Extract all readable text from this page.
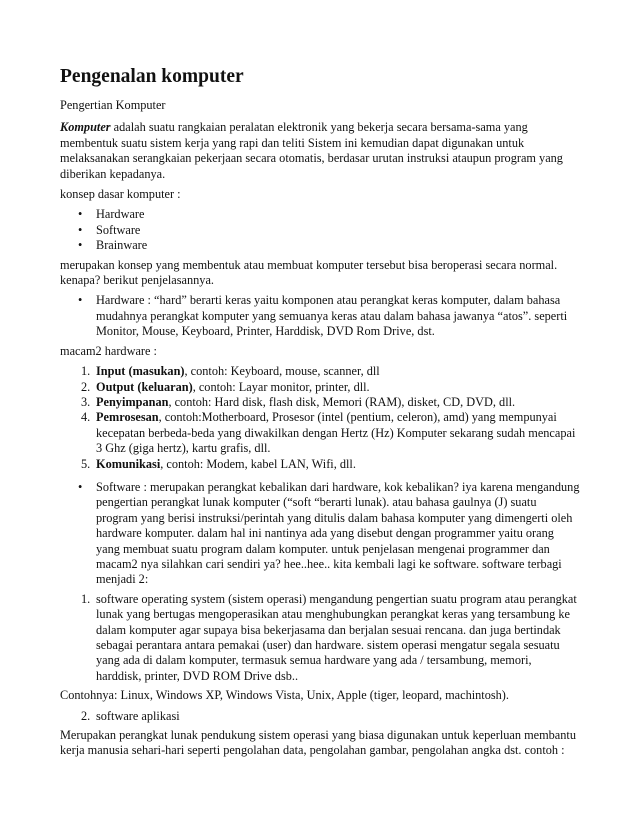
Pengenalan komputer

Pengertian Komputer

Komputer adalah suatu rangkaian peralatan elektronik yang bekerja secara bersama-sama yang membentuk suatu sistem kerja yang rapi dan teliti Sistem ini kemudian dapat digunakan untuk melaksanakan serangkaian pekerjaan secara otomatis, berdasar urutan instruksi ataupun program yang diberikan kepadanya.

konsep dasar komputer :

•	Hardware
•	Software
•	Brainware

merupakan konsep yang membentuk atau membuat komputer tersebut bisa beroperasi secara normal. kenapa? berikut penjelasannya.

•	Hardware : “hard” berarti keras yaitu komponen atau perangkat keras komputer, dalam bahasa mudahnya perangkat komputer yang semuanya keras atau dalam bahasa jawanya “atos”. seperti Monitor, Mouse, Keyboard, Printer, Harddisk, DVD Rom Drive, dst.

macam2 hardware :

1. Input (masukan), contoh: Keyboard, mouse, scanner, dll
2. Output (keluaran), contoh: Layar monitor, printer, dll.
3. Penyimpanan, contoh: Hard disk, flash disk, Memori (RAM), disket, CD, DVD, dll.
4. Pemrosesan, contoh:Motherboard, Prosesor (intel (pentium, celeron), amd) yang mempunyai kecepatan berbeda-beda yang diwakilkan dengan Hertz (Hz) Komputer sekarang sudah mencapai 3 Ghz (giga hertz), kartu grafis, dll.
5. Komunikasi, contoh: Modem, kabel LAN, Wifi, dll.
•	Software : merupakan perangkat kebalikan dari hardware, kok kebalikan? iya karena mengandung pengertian perangkat lunak komputer (“soft “berarti lunak). atau bahasa gaulnya (J) suatu program yang berisi instruksi/perintah yang ditulis dalam bahasa komputer yang dimengerti oleh hardware komputer. dalam hal ini nantinya ada yang disebut dengan programmer yaitu orang yang membuat suatu program dalam komputer. untuk penjelasan mengenai programmer dan macam2 nya silahkan cari sendiri ya? hee..hee.. kita kembali lagi ke software. software terbagi menjadi 2:
1. software operating system (sistem operasi) mengandung pengertian suatu program atau perangkat lunak yang bertugas mengoperasikan atau menghubungkan perangkat keras yang tersambung ke dalam komputer agar supaya bisa bekerjasama dan berjalan sesuai rencana. dan juga bertindak sebagai perantara antara pemakai (user) dan hardware. sistem operasi mengatur segala sesuatu yang ada di dalam komputer, termasuk semua hardware yang ada / tersambung, memori, harddisk, printer, DVD ROM Drive dsb..

Contohnya: Linux, Windows XP, Windows Vista, Unix, Apple (tiger, leopard, machintosh).

2. software aplikasi

Merupakan perangkat lunak pendukung sistem operasi yang biasa digunakan untuk keperluan membantu kerja manusia sehari-hari seperti pengolahan data, pengolahan gambar, pengolahan angka dst. contoh :
